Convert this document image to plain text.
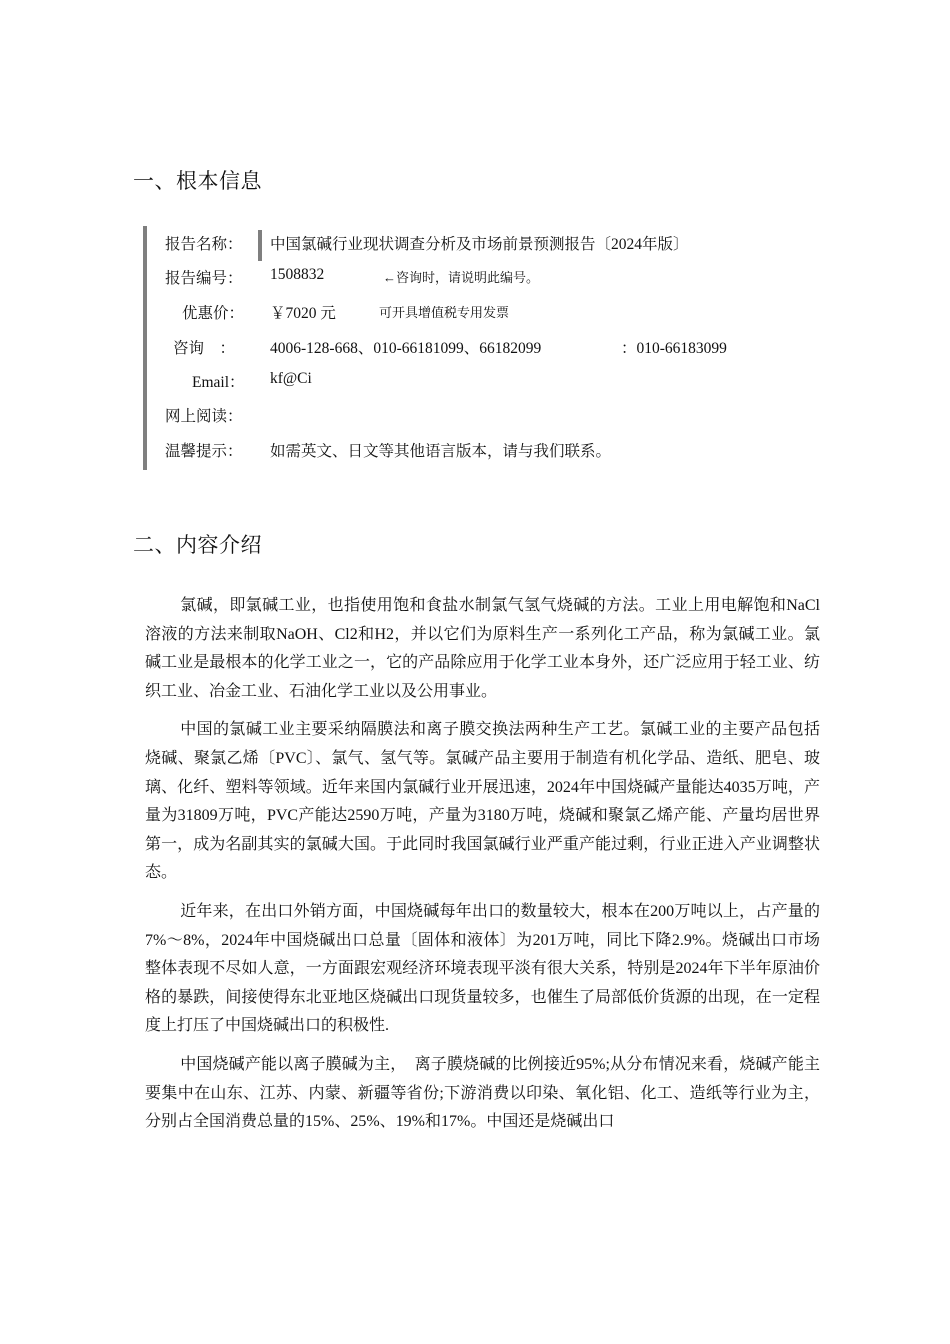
一、根本信息
报告名称： 中国氯碱行业现状调查分析及市场前景预测报告〔2024年版〕
报告编号： 1508832	←咨询时，请说明此编号。
优惠价： ￥7020 元	可开具增值税专用发票
咨询　： 4006-128-668、010-66181099、66182099	：010-66183099
Email： kf@Ci
网上阅读：
温馨提示： 如需英文、日文等其他语言版本，请与我们联系。
二、内容介绍

氯碱，即氯碱工业，也指使用饱和食盐水制氯气氢气烧碱的方法。工业上用电解饱和NaCl溶液的方法来制取NaOH、Cl2和H2，并以它们为原料生产一系列化工产品，称为氯碱工业。氯碱工业是最根本的化学工业之一，它的产品除应用于化学工业本身外，还广泛应用于轻工业、纺织工业、冶金工业、石油化学工业以及公用事业。

中国的氯碱工业主要采纳隔膜法和离子膜交换法两种生产工艺。氯碱工业的主要产品包括烧碱、聚氯乙烯〔PVC〕、氯气、氢气等。氯碱产品主要用于制造有机化学品、造纸、肥皂、玻璃、化纤、塑料等领域。近年来国内氯碱行业开展迅速，2024年中国烧碱产量能达4035万吨，产量为31809万吨，PVC产能达2590万吨，产量为3180万吨，烧碱和聚氯乙烯产能、产量均居世界第一，成为名副其实的氯碱大国。于此同时我国氯碱行业严重产能过剩，行业正进入产业调整状态。

近年来，在出口外销方面，中国烧碱每年出口的数量较大，根本在200万吨以上，占产量的7%～8%，2024年中国烧碱出口总量〔固体和液体〕为201万吨，同比下降2.9%。烧碱出口市场整体表现不尽如人意，一方面跟宏观经济环境表现平淡有很大关系，特别是2024年下半年原油价格的暴跌，间接使得东北亚地区烧碱出口现货量较多，也催生了局部低价货源的出现，在一定程度上打压了中国烧碱出口的积极性.

中国烧碱产能以离子膜碱为主，　离子膜烧碱的比例接近95%;从分布情况来看，烧碱产能主要集中在山东、江苏、内蒙、新疆等省份;下游消费以印染、氧化铝、化工、造纸等行业为主，分别占全国消费总量的15%、25%、19%和17%。中国还是烧碱出口
